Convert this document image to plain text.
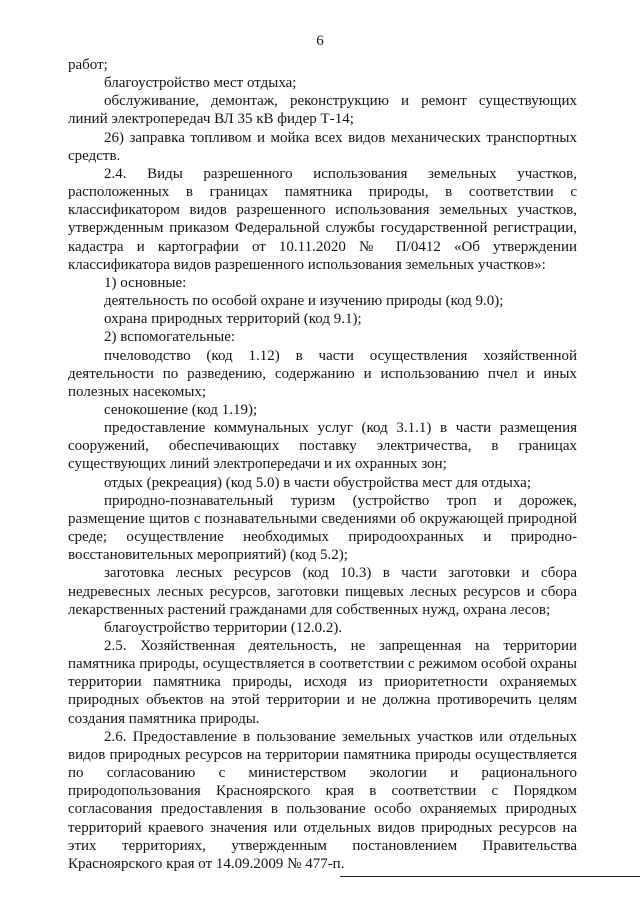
6

работ;

благоустройство мест отдыха;

обслуживание, демонтаж, реконструкцию и ремонт существующих линий электропередач ВЛ 35 кВ фидер Т-14;

26) заправка топливом и мойка всех видов механических транспортных средств.

2.4. Виды разрешенного использования земельных участков, расположенных в границах памятника природы, в соответствии с классификатором видов разрешенного использования земельных участков, утвержденным приказом Федеральной службы государственной регистрации, кадастра и картографии от 10.11.2020 № П/0412 «Об утверждении классификатора видов разрешенного использования земельных участков»:

1) основные:

деятельность по особой охране и изучению природы (код 9.0);

охрана природных территорий (код 9.1);

2) вспомогательные:

пчеловодство (код 1.12) в части осуществления хозяйственной деятельности по разведению, содержанию и использованию пчел и иных полезных насекомых;

сенокошение (код 1.19);

предоставление коммунальных услуг (код 3.1.1) в части размещения сооружений, обеспечивающих поставку электричества, в границах существующих линий электропередачи и их охранных зон;

отдых (рекреация) (код 5.0) в части обустройства мест для отдыха;

природно-познавательный туризм (устройство троп и дорожек, размещение щитов с познавательными сведениями об окружающей природной среде; осуществление необходимых природоохранных и природно-восстановительных мероприятий) (код 5.2);

заготовка лесных ресурсов (код 10.3) в части заготовки и сбора недревесных лесных ресурсов, заготовки пищевых лесных ресурсов и сбора лекарственных растений гражданами для собственных нужд, охрана лесов;

благоустройство территории (12.0.2).

2.5. Хозяйственная деятельность, не запрещенная на территории памятника природы, осуществляется в соответствии с режимом особой охраны территории памятника природы, исходя из приоритетности охраняемых природных объектов на этой территории и не должна противоречить целям создания памятника природы.

2.6. Предоставление в пользование земельных участков или отдельных видов природных ресурсов на территории памятника природы осуществляется по согласованию с министерством экологии и рационального природопользования Красноярского края в соответствии с Порядком согласования предоставления в пользование особо охраняемых природных территорий краевого значения или отдельных видов природных ресурсов на этих территориях, утвержденным постановлением Правительства Красноярского края от 14.09.2009 № 477-п.
